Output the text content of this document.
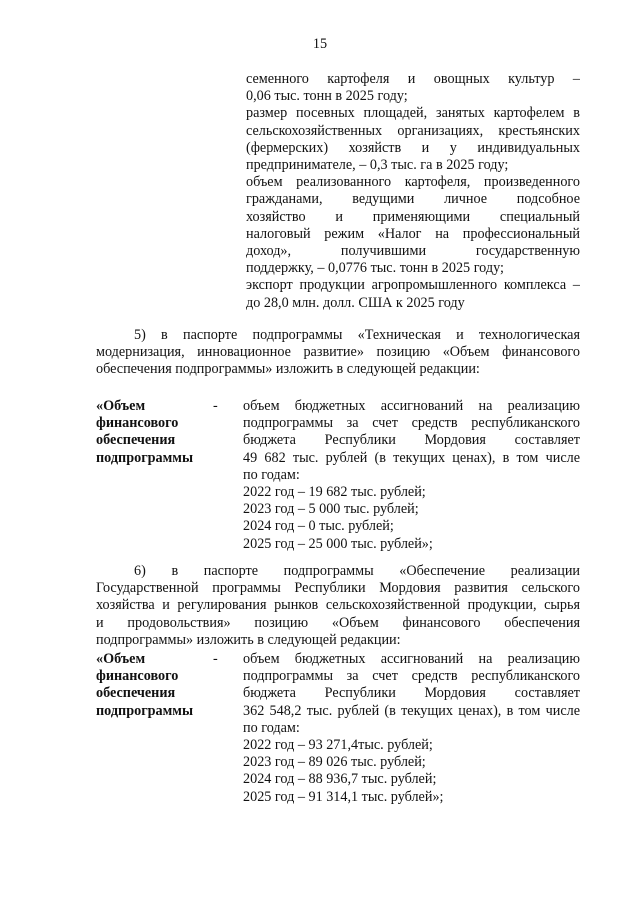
15
семенного картофеля и овощных культур –
0,06 тыс. тонн в 2025 году;
размер посевных площадей, занятых картофелем в
сельскохозяйственных организациях, крестьянских
(фермерских) хозяйств и у индивидуальных
предпринимателе, – 0,3 тыс. га в 2025 году;
объем реализованного картофеля, произведенного
гражданами, ведущими личное подсобное
хозяйство и применяющими специальный
налоговый режим «Налог на профессиональный
доход», получившими государственную
поддержку, – 0,0776 тыс. тонн в 2025 году;
экспорт продукции агропромышленного комплекса –
до 28,0 млн. долл. США к 2025 году
5) в паспорте подпрограммы «Техническая и технологическая
модернизация, инновационное развитие» позицию «Объем финансового
обеспечения подпрограммы» изложить в следующей редакции:
«Объем
финансового
обеспечения
подпрограммы
- объем бюджетных ассигнований на реализацию
подпрограммы за счет средств республиканского
бюджета Республики Мордовия составляет
49 682 тыс. рублей (в текущих ценах), в том числе
по годам:
2022 год – 19 682 тыс. рублей;
2023 год – 5 000 тыс. рублей;
2024 год – 0 тыс. рублей;
2025 год – 25 000 тыс. рублей»;
6) в паспорте подпрограммы «Обеспечение реализации
Государственной программы Республики Мордовия развития сельского
хозяйства и регулирования рынков сельскохозяйственной продукции, сырья
и продовольствия» позицию «Объем финансового обеспечения
подпрограммы» изложить в следующей редакции:
«Объем
финансового
обеспечения
подпрограммы
- объем бюджетных ассигнований на реализацию
подпрограммы за счет средств республиканского
бюджета Республики Мордовия составляет
362 548,2 тыс. рублей (в текущих ценах), в том числе
по годам:
2022 год – 93 271,4тыс. рублей;
2023 год – 89 026 тыс. рублей;
2024 год – 88 936,7 тыс. рублей;
2025 год – 91 314,1 тыс. рублей»;
